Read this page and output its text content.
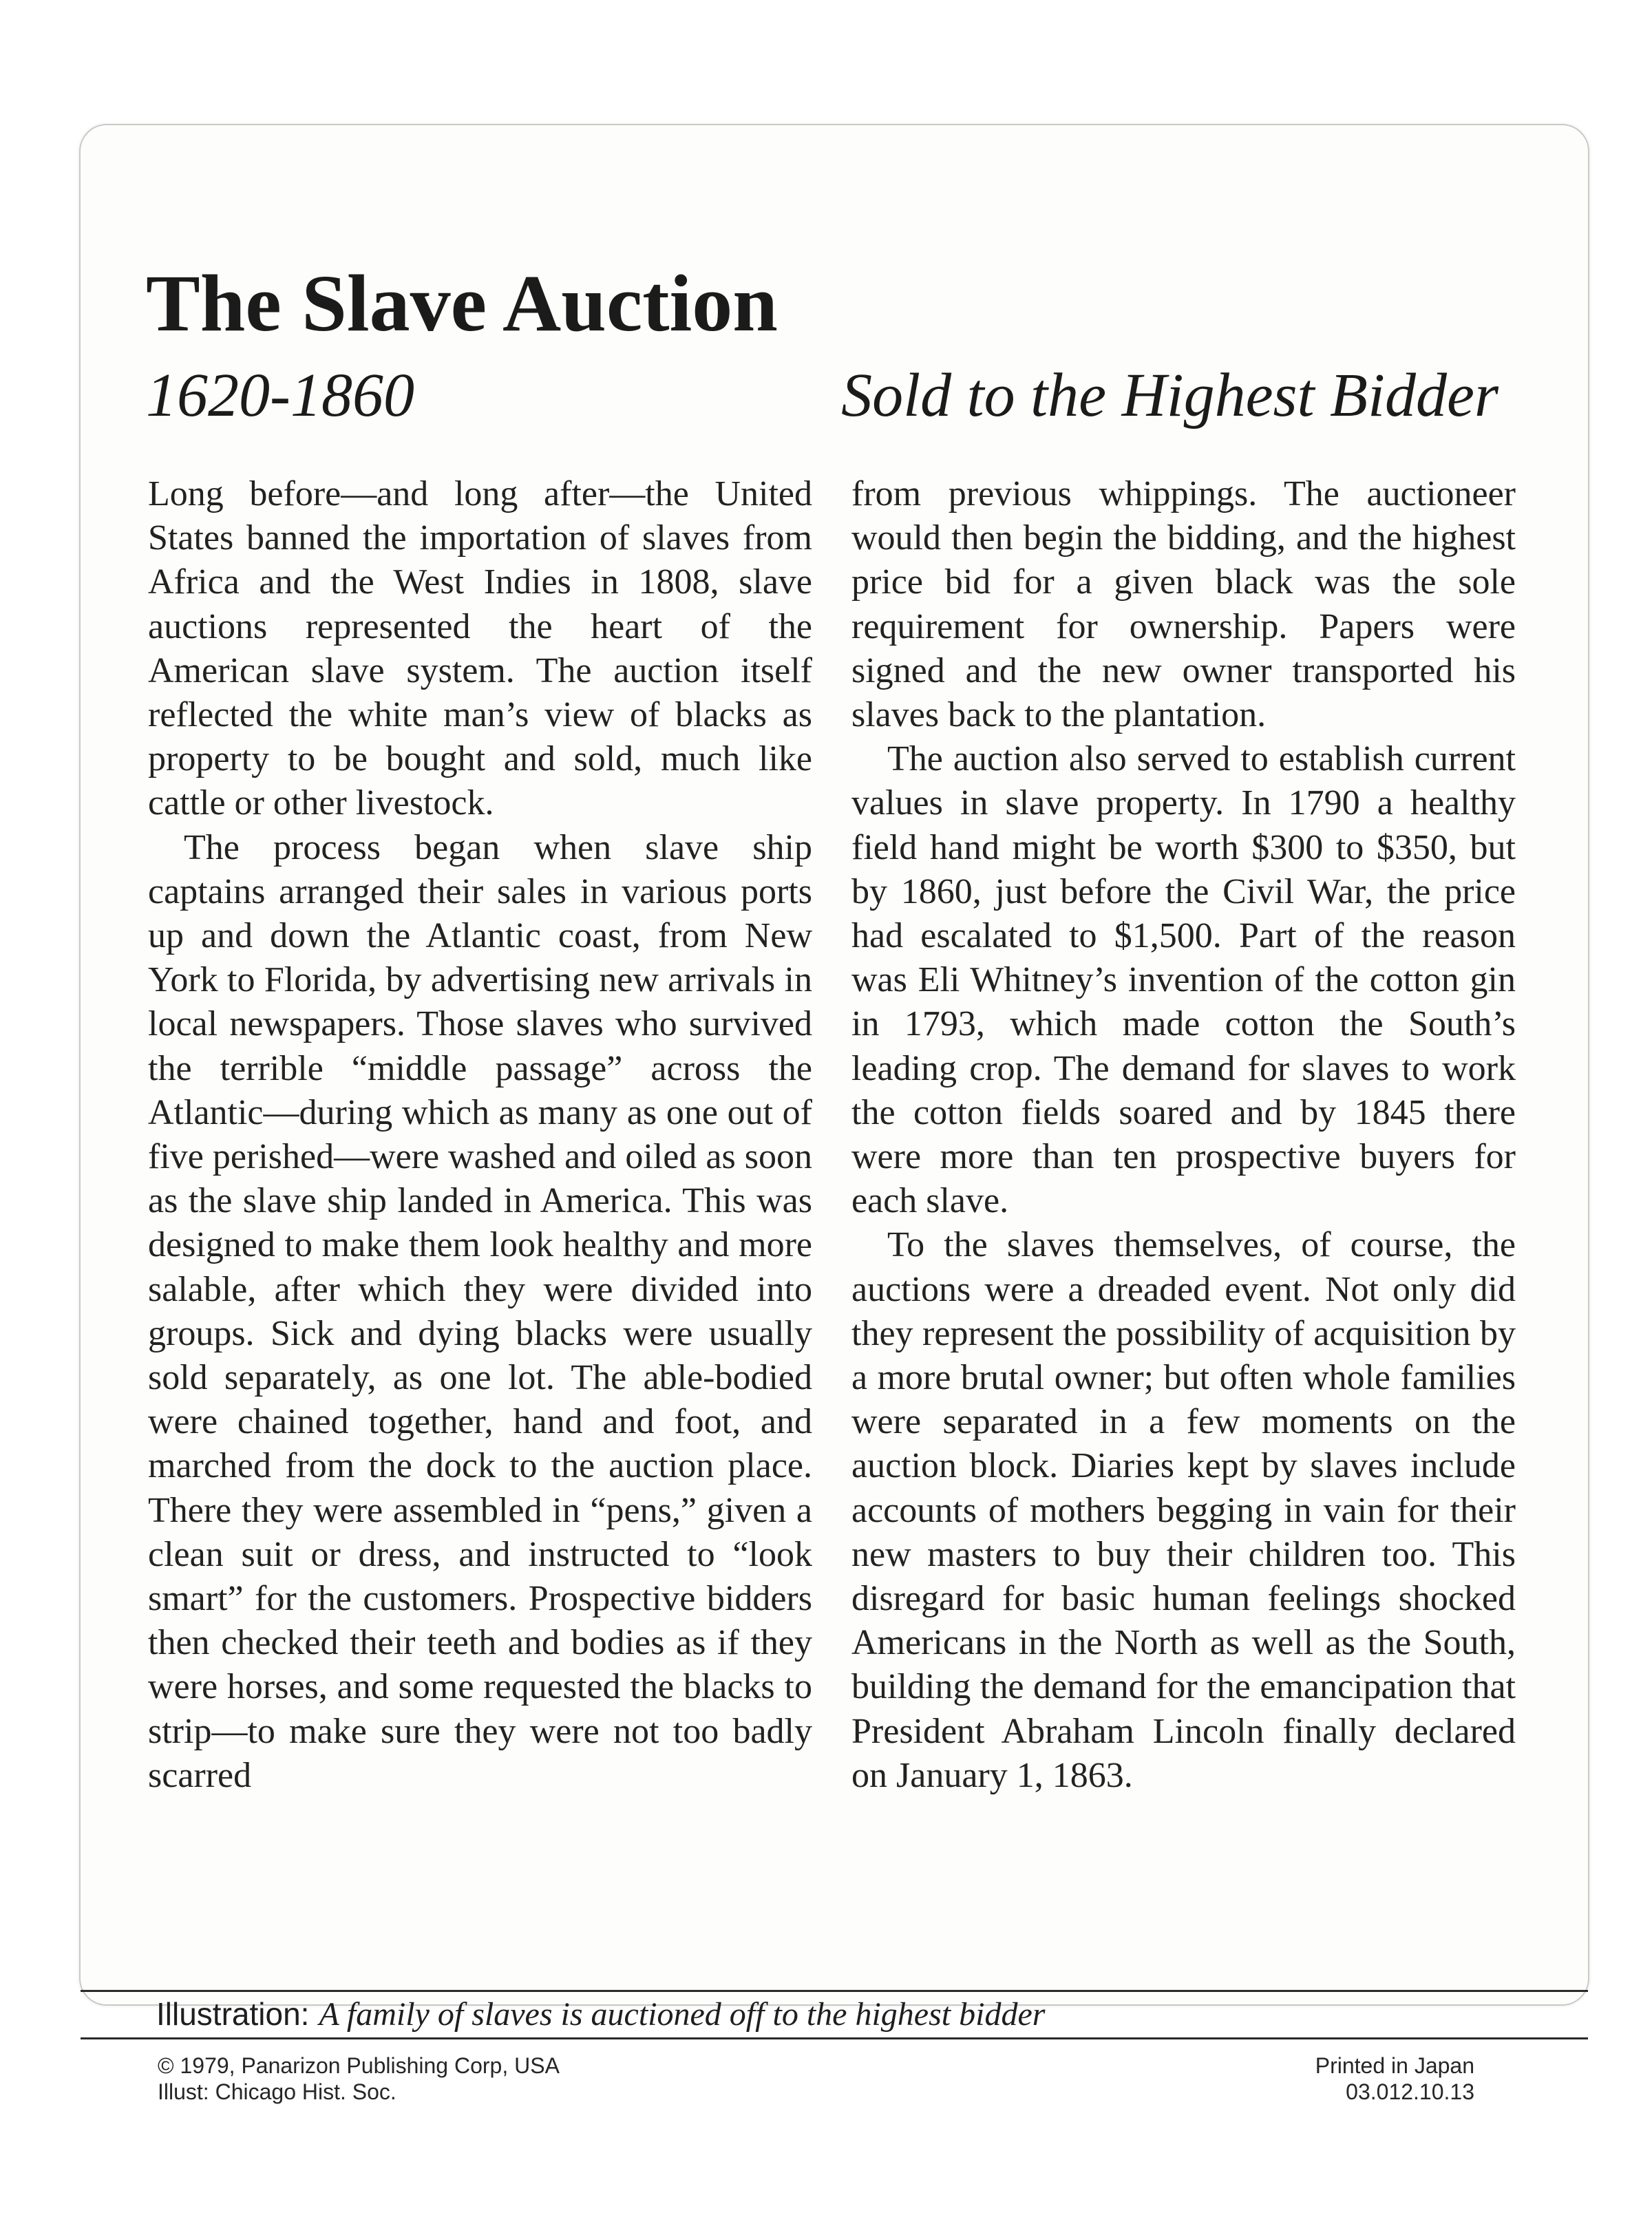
The Slave Auction
1620-1860	Sold to the Highest Bidder

Long before—and long after—the United States banned the importation of slaves from Africa and the West Indies in 1808, slave auctions represented the heart of the American slave system. The auction itself reflected the white man’s view of blacks as property to be bought and sold, much like cattle or other livestock.

The process began when slave ship captains arranged their sales in various ports up and down the Atlantic coast, from New York to Florida, by advertising new arrivals in local newspapers. Those slaves who survived the terrible “middle passage” across the Atlantic—during which as many as one out of five perished—were washed and oiled as soon as the slave ship landed in America. This was designed to make them look healthy and more salable, after which they were divided into groups. Sick and dying blacks were usually sold separately, as one lot. The able-bodied were chained together, hand and foot, and marched from the dock to the auction place. There they were assembled in “pens,” given a clean suit or dress, and instructed to “look smart” for the customers. Prospective bidders then checked their teeth and bodies as if they were horses, and some requested the blacks to strip—to make sure they were not too badly scarred

from previous whippings. The auctioneer would then begin the bidding, and the highest price bid for a given black was the sole requirement for ownership. Papers were signed and the new owner transported his slaves back to the plantation.

The auction also served to establish current values in slave property. In 1790 a healthy field hand might be worth $300 to $350, but by 1860, just before the Civil War, the price had escalated to $1,500. Part of the reason was Eli Whitney’s invention of the cotton gin in 1793, which made cotton the South’s leading crop. The demand for slaves to work the cotton fields soared and by 1845 there were more than ten prospective buyers for each slave.

To the slaves themselves, of course, the auctions were a dreaded event. Not only did they represent the possibility of acquisition by a more brutal owner; but often whole families were separated in a few moments on the auction block. Diaries kept by slaves include accounts of mothers begging in vain for their new masters to buy their children too. This disregard for basic human feelings shocked Americans in the North as well as the South, building the demand for the emancipation that President Abraham Lincoln finally declared on January 1, 1863.

Illustration: A family of slaves is auctioned off to the highest bidder
© 1979, Panarizon Publishing Corp, USA
Illust: Chicago Hist. Soc.
Printed in Japan
03.012.10.13
